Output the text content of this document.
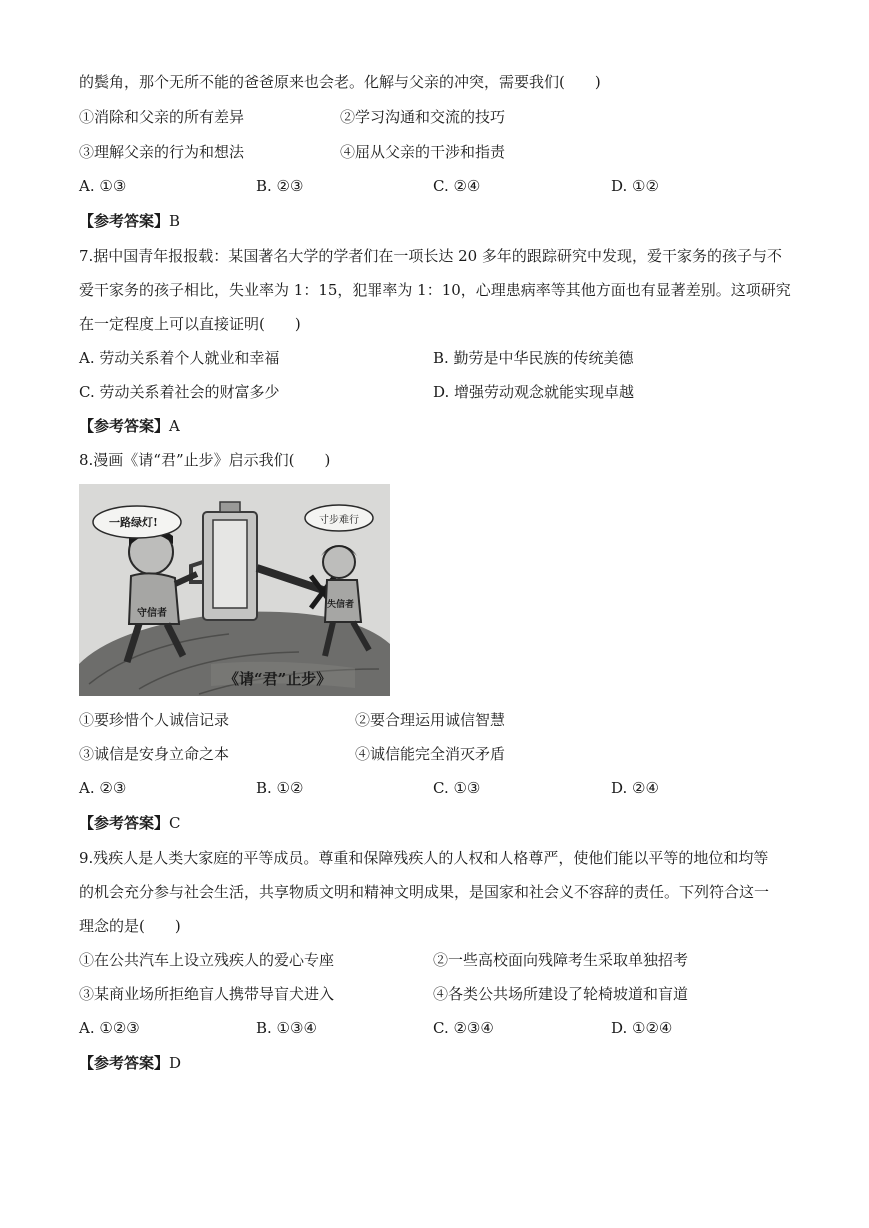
的鬓角，那个无所不能的爸爸原来也会老。化解与父亲的冲突，需要我们(　　)
①消除和父亲的所有差异	②学习沟通和交流的技巧
③理解父亲的行为和想法	④屈从父亲的干涉和指责
A. ①③	B. ②③	C. ②④	D. ①②
【参考答案】B
7.据中国青年报报载：某国著名大学的学者们在一项长达 20 多年的跟踪研究中发现，爱干家务的孩子与不
爱干家务的孩子相比，失业率为 1：15，犯罪率为 1：10，心理患病率等其他方面也有显著差别。这项研究
在一定程度上可以直接证明(　　)
A. 劳动关系着个人就业和幸福	B. 勤劳是中华民族的传统美德
C. 劳动关系着社会的财富多少	D. 增强劳动观念就能实现卓越
【参考答案】A
8.漫画《请“君”止步》启示我们(　　)
一路绿灯!	寸步难行
守信者
失信者
《请“君”止步》
①要珍惜个人诚信记录	②要合理运用诚信智慧
③诚信是安身立命之本	④诚信能完全消灭矛盾
A. ②③	B. ①②	C. ①③	D. ②④
【参考答案】C
9.残疾人是人类大家庭的平等成员。尊重和保障残疾人的人权和人格尊严，使他们能以平等的地位和均等
的机会充分参与社会生活，共享物质文明和精神文明成果，是国家和社会义不容辞的责任。下列符合这一
理念的是(　　)
①在公共汽车上设立残疾人的爱心专座	②一些高校面向残障考生采取单独招考
③某商业场所拒绝盲人携带导盲犬进入	④各类公共场所建设了轮椅坡道和盲道
A. ①②③	B. ①③④	C. ②③④	D. ①②④
【参考答案】D
